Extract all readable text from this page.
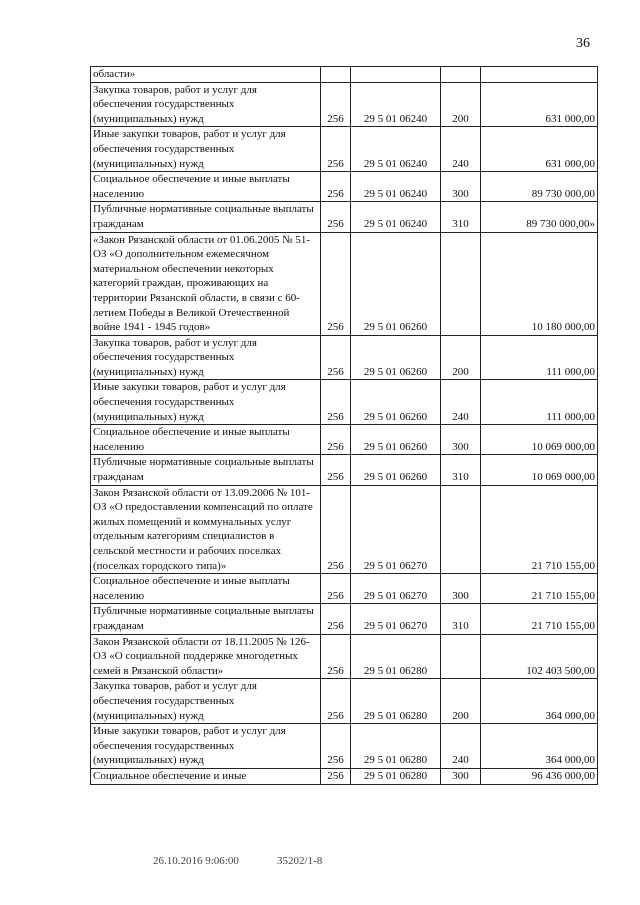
36
области»				
Закупка товаров, работ и услуг для обеспечения государственных (муниципальных) нужд	256	29 5 01 06240	200	631 000,00
Иные закупки товаров, работ и услуг для обеспечения государственных (муниципальных) нужд	256	29 5 01 06240	240	631 000,00
Социальное обеспечение и иные выплаты населению	256	29 5 01 06240	300	89 730 000,00
Публичные нормативные социальные выплаты гражданам	256	29 5 01 06240	310	89 730 000,00»
«Закон Рязанской области от 01.06.2005 № 51-ОЗ «О дополнительном ежемесячном материальном обеспечении некоторых категорий граждан, проживающих на территории Рязанской области, в связи с 60-летием Победы в Великой Отечественной войне 1941 - 1945 годов»	256	29 5 01 06260		10 180 000,00
Закупка товаров, работ и услуг для обеспечения государственных (муниципальных) нужд	256	29 5 01 06260	200	111 000,00
Иные закупки товаров, работ и услуг для обеспечения государственных (муниципальных) нужд	256	29 5 01 06260	240	111 000,00
Социальное обеспечение и иные выплаты населению	256	29 5 01 06260	300	10 069 000,00
Публичные нормативные социальные выплаты гражданам	256	29 5 01 06260	310	10 069 000,00
Закон Рязанской области от 13.09.2006 № 101-ОЗ «О предоставлении компенсаций по оплате жилых помещений и коммунальных услуг отдельным категориям специалистов в сельской местности и рабочих поселках (поселках городского типа)»	256	29 5 01 06270		21 710 155,00
Социальное обеспечение и иные выплаты населению	256	29 5 01 06270	300	21 710 155,00
Публичные нормативные социальные выплаты гражданам	256	29 5 01 06270	310	21 710 155,00
Закон Рязанской области от 18.11.2005 № 126-ОЗ «О социальной поддержке многодетных семей в Рязанской области»	256	29 5 01 06280		102 403 500,00
Закупка товаров, работ и услуг для обеспечения государственных (муниципальных) нужд	256	29 5 01 06280	200	364 000,00
Иные закупки товаров, работ и услуг для обеспечения государственных (муниципальных) нужд	256	29 5 01 06280	240	364 000,00
Социальное обеспечение и иные	256	29 5 01 06280	300	96 436 000,00
26.10.2016 9:06:00	35202/1-8
